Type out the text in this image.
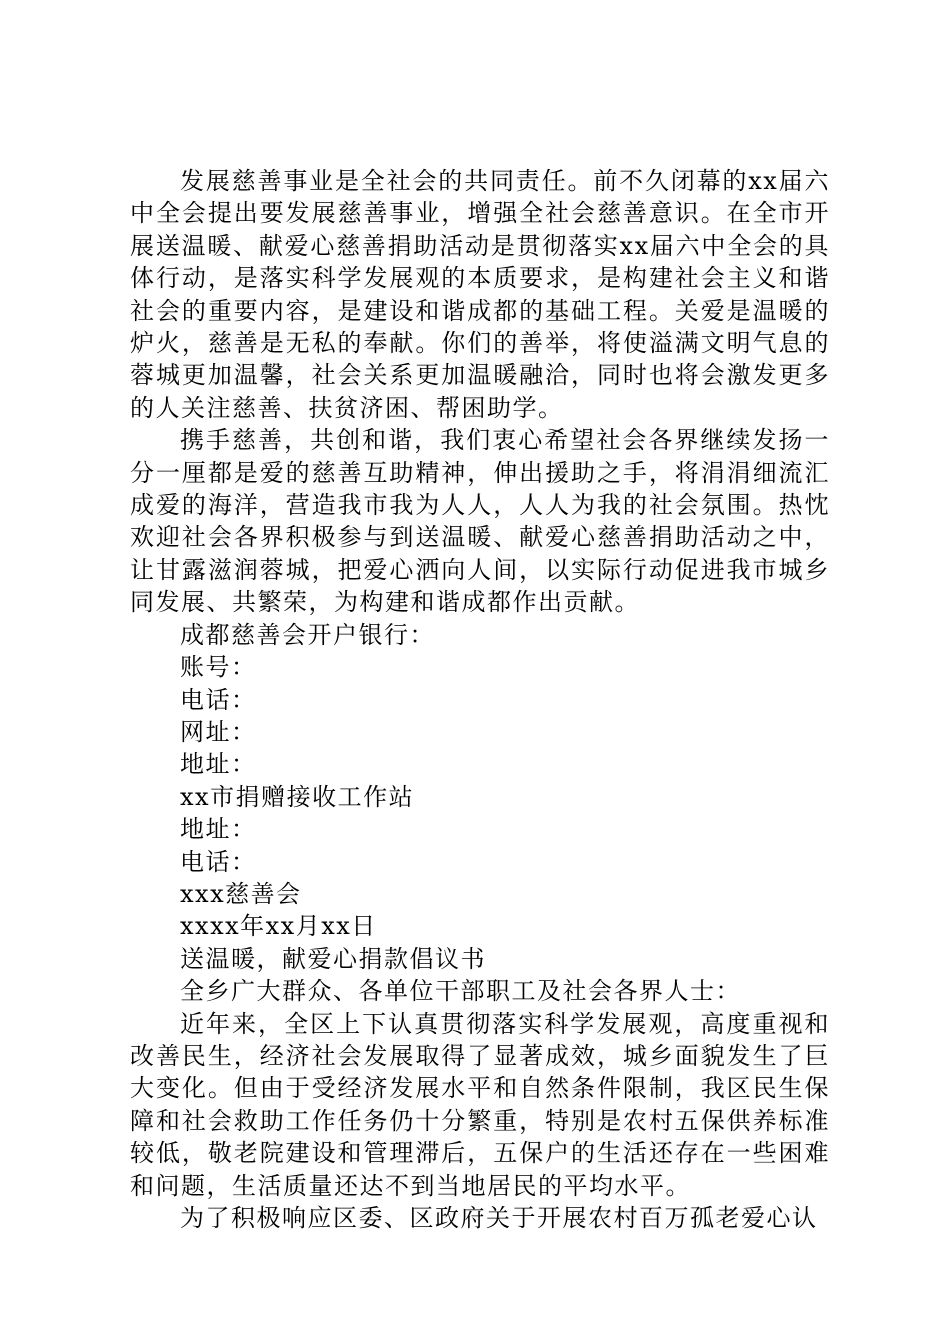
发展慈善事业是全社会的共同责任。前不久闭幕的xx届六中全会提出要发展慈善事业，增强全社会慈善意识。在全市开展送温暖、献爱心慈善捐助活动是贯彻落实xx届六中全会的具体行动，是落实科学发展观的本质要求，是构建社会主义和谐社会的重要内容，是建设和谐成都的基础工程。关爱是温暖的炉火，慈善是无私的奉献。你们的善举，将使溢满文明气息的蓉城更加温馨，社会关系更加温暖融洽，同时也将会激发更多的人关注慈善、扶贫济困、帮困助学。

携手慈善，共创和谐，我们衷心希望社会各界继续发扬一分一厘都是爱的慈善互助精神，伸出援助之手，将涓涓细流汇成爱的海洋，营造我市我为人人，人人为我的社会氛围。热忱欢迎社会各界积极参与到送温暖、献爱心慈善捐助活动之中，让甘露滋润蓉城，把爱心洒向人间，以实际行动促进我市城乡同发展、共繁荣，为构建和谐成都作出贡献。

成都慈善会开户银行：

账号：

电话：

网址：

地址：

xx市捐赠接收工作站

地址：

电话：

xxx慈善会

xxxx年xx月xx日

送温暖，献爱心捐款倡议书

全乡广大群众、各单位干部职工及社会各界人士：

近年来，全区上下认真贯彻落实科学发展观，高度重视和改善民生，经济社会发展取得了显著成效，城乡面貌发生了巨大变化。但由于受经济发展水平和自然条件限制，我区民生保障和社会救助工作任务仍十分繁重，特别是农村五保供养标准较低，敬老院建设和管理滞后，五保户的生活还存在一些困难和问题，生活质量还达不到当地居民的平均水平。

为了积极响应区委、区政府关于开展农村百万孤老爱心认
